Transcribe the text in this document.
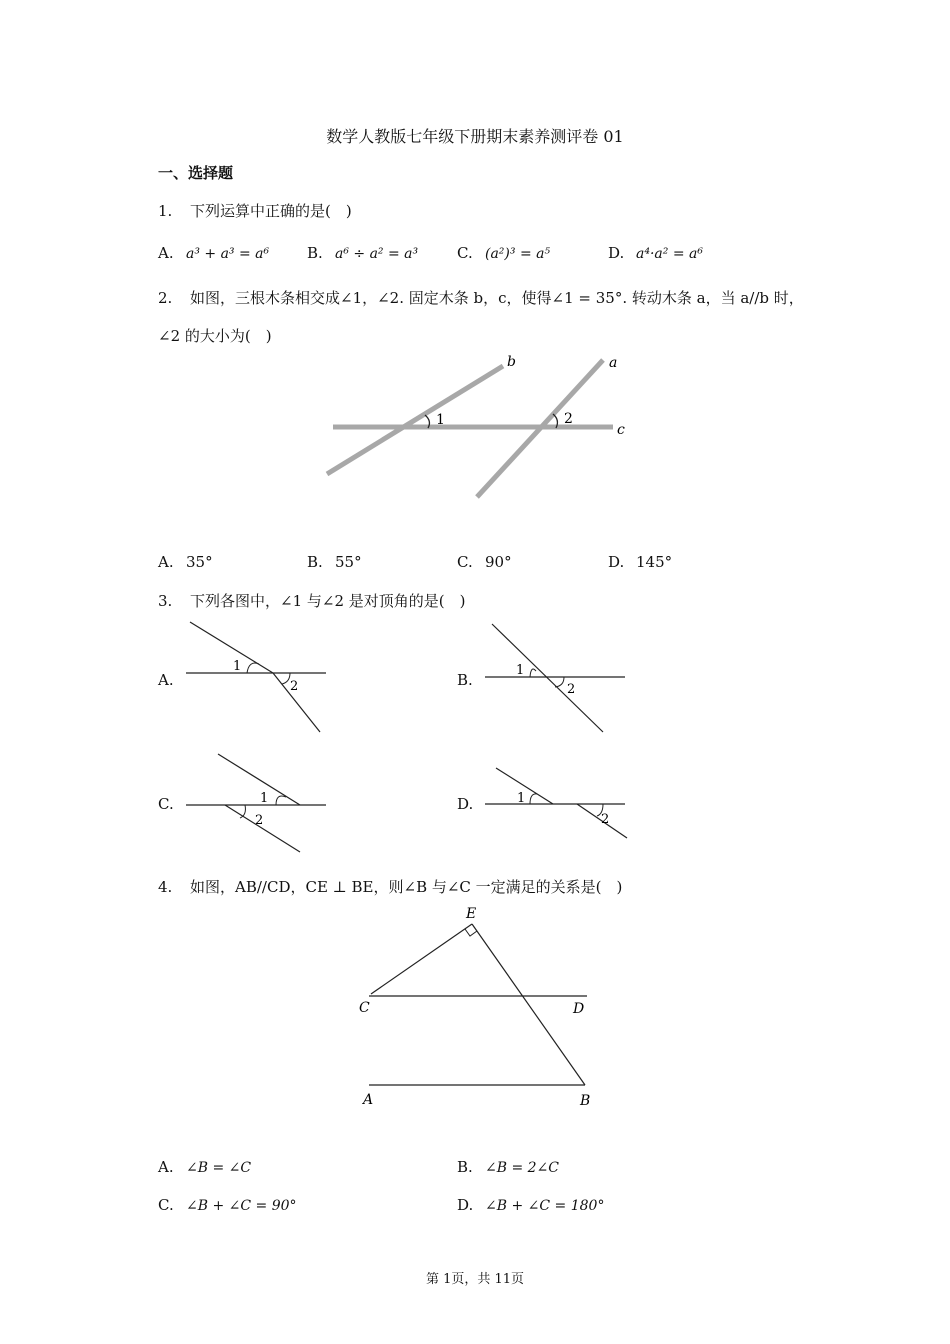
数学人教版七年级下册期末素养测评卷 01
一、选择题
1. 下列运算中正确的是(　)
A. a³ + a³ = a⁶	B. a⁶ ÷ a² = a³	C. (a²)³ = a⁵	D. a⁴·a² = a⁶
2. 如图，三根木条相交成∠1，∠2. 固定木条 b，c，使得∠1 = 35°. 转动木条 a，当 a//b 时，
∠2 的大小为(　)
1	2
b	a
c
A. 35°	B. 55°	C. 90°	D. 145°
3. 下列各图中，∠1 与∠2 是对顶角的是(　)
A.	B.
C.	D.
1
2
1
2
1
2
1
2
4. 如图，AB//CD，CE ⊥ BE，则∠B 与∠C 一定满足的关系是(　)
E
C	D
A	B
A. ∠B = ∠C	B. ∠B = 2∠C
C. ∠B + ∠C = 90°	D. ∠B + ∠C = 180°
第 1页，共 11页
